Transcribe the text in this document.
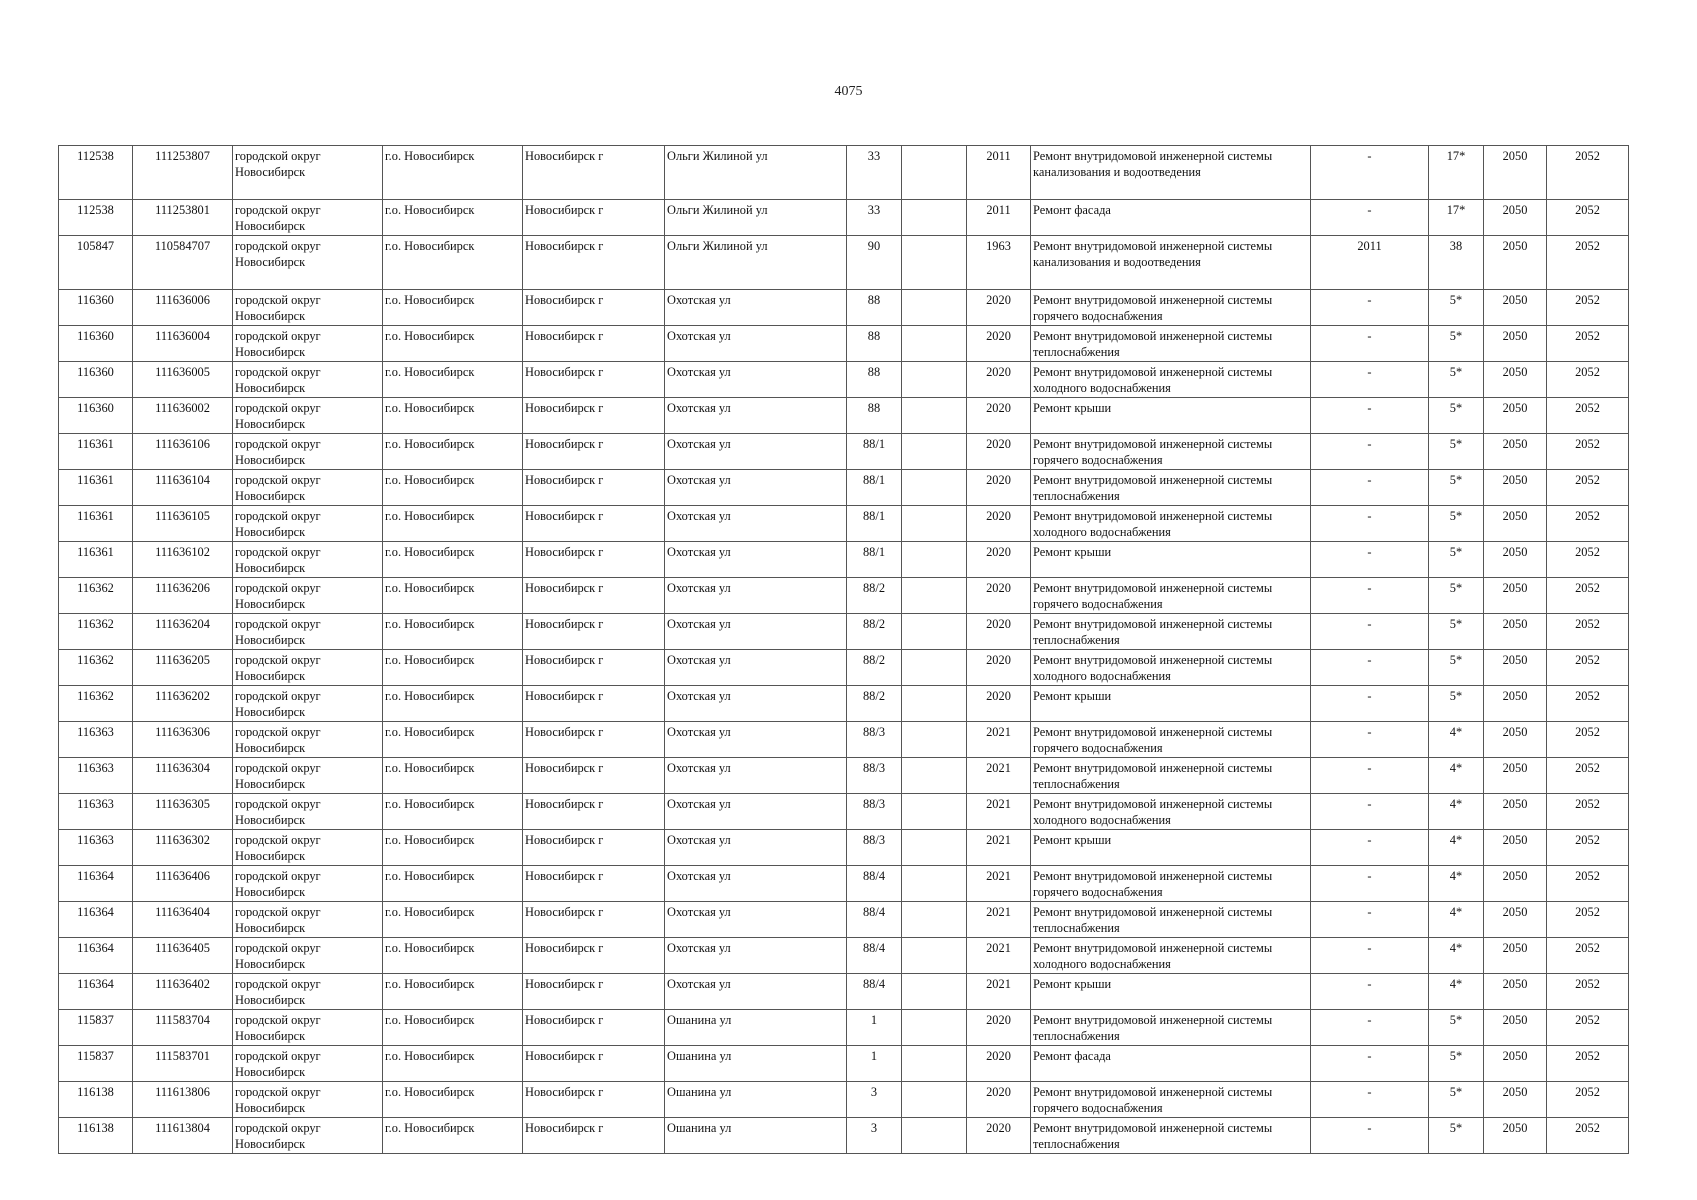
4075
112538	111253807	городской округ Новосибирск	г.о. Новосибирск	Новосибирск г	Ольги Жилиной ул	33		2011	Ремонт внутридомовой инженерной системы канализования и водоотведения	-	17*	2050	2052
112538	111253801	городской округ Новосибирск	г.о. Новосибирск	Новосибирск г	Ольги Жилиной ул	33		2011	Ремонт фасада	-	17*	2050	2052
105847	110584707	городской округ Новосибирск	г.о. Новосибирск	Новосибирск г	Ольги Жилиной ул	90		1963	Ремонт внутридомовой инженерной системы канализования и водоотведения	2011	38	2050	2052
116360	111636006	городской округ Новосибирск	г.о. Новосибирск	Новосибирск г	Охотская ул	88		2020	Ремонт внутридомовой инженерной системы горячего водоснабжения	-	5*	2050	2052
116360	111636004	городской округ Новосибирск	г.о. Новосибирск	Новосибирск г	Охотская ул	88		2020	Ремонт внутридомовой инженерной системы теплоснабжения	-	5*	2050	2052
116360	111636005	городской округ Новосибирск	г.о. Новосибирск	Новосибирск г	Охотская ул	88		2020	Ремонт внутридомовой инженерной системы холодного водоснабжения	-	5*	2050	2052
116360	111636002	городской округ Новосибирск	г.о. Новосибирск	Новосибирск г	Охотская ул	88		2020	Ремонт крыши	-	5*	2050	2052
116361	111636106	городской округ Новосибирск	г.о. Новосибирск	Новосибирск г	Охотская ул	88/1		2020	Ремонт внутридомовой инженерной системы горячего водоснабжения	-	5*	2050	2052
116361	111636104	городской округ Новосибирск	г.о. Новосибирск	Новосибирск г	Охотская ул	88/1		2020	Ремонт внутридомовой инженерной системы теплоснабжения	-	5*	2050	2052
116361	111636105	городской округ Новосибирск	г.о. Новосибирск	Новосибирск г	Охотская ул	88/1		2020	Ремонт внутридомовой инженерной системы холодного водоснабжения	-	5*	2050	2052
116361	111636102	городской округ Новосибирск	г.о. Новосибирск	Новосибирск г	Охотская ул	88/1		2020	Ремонт крыши	-	5*	2050	2052
116362	111636206	городской округ Новосибирск	г.о. Новосибирск	Новосибирск г	Охотская ул	88/2		2020	Ремонт внутридомовой инженерной системы горячего водоснабжения	-	5*	2050	2052
116362	111636204	городской округ Новосибирск	г.о. Новосибирск	Новосибирск г	Охотская ул	88/2		2020	Ремонт внутридомовой инженерной системы теплоснабжения	-	5*	2050	2052
116362	111636205	городской округ Новосибирск	г.о. Новосибирск	Новосибирск г	Охотская ул	88/2		2020	Ремонт внутридомовой инженерной системы холодного водоснабжения	-	5*	2050	2052
116362	111636202	городской округ Новосибирск	г.о. Новосибирск	Новосибирск г	Охотская ул	88/2		2020	Ремонт крыши	-	5*	2050	2052
116363	111636306	городской округ Новосибирск	г.о. Новосибирск	Новосибирск г	Охотская ул	88/3		2021	Ремонт внутридомовой инженерной системы горячего водоснабжения	-	4*	2050	2052
116363	111636304	городской округ Новосибирск	г.о. Новосибирск	Новосибирск г	Охотская ул	88/3		2021	Ремонт внутридомовой инженерной системы теплоснабжения	-	4*	2050	2052
116363	111636305	городской округ Новосибирск	г.о. Новосибирск	Новосибирск г	Охотская ул	88/3		2021	Ремонт внутридомовой инженерной системы холодного водоснабжения	-	4*	2050	2052
116363	111636302	городской округ Новосибирск	г.о. Новосибирск	Новосибирск г	Охотская ул	88/3		2021	Ремонт крыши	-	4*	2050	2052
116364	111636406	городской округ Новосибирск	г.о. Новосибирск	Новосибирск г	Охотская ул	88/4		2021	Ремонт внутридомовой инженерной системы горячего водоснабжения	-	4*	2050	2052
116364	111636404	городской округ Новосибирск	г.о. Новосибирск	Новосибирск г	Охотская ул	88/4		2021	Ремонт внутридомовой инженерной системы теплоснабжения	-	4*	2050	2052
116364	111636405	городской округ Новосибирск	г.о. Новосибирск	Новосибирск г	Охотская ул	88/4		2021	Ремонт внутридомовой инженерной системы холодного водоснабжения	-	4*	2050	2052
116364	111636402	городской округ Новосибирск	г.о. Новосибирск	Новосибирск г	Охотская ул	88/4		2021	Ремонт крыши	-	4*	2050	2052
115837	111583704	городской округ Новосибирск	г.о. Новосибирск	Новосибирск г	Ошанина ул	1		2020	Ремонт внутридомовой инженерной системы теплоснабжения	-	5*	2050	2052
115837	111583701	городской округ Новосибирск	г.о. Новосибирск	Новосибирск г	Ошанина ул	1		2020	Ремонт фасада	-	5*	2050	2052
116138	111613806	городской округ Новосибирск	г.о. Новосибирск	Новосибирск г	Ошанина ул	3		2020	Ремонт внутридомовой инженерной системы горячего водоснабжения	-	5*	2050	2052
116138	111613804	городской округ Новосибирск	г.о. Новосибирск	Новосибирск г	Ошанина ул	3		2020	Ремонт внутридомовой инженерной системы теплоснабжения	-	5*	2050	2052
